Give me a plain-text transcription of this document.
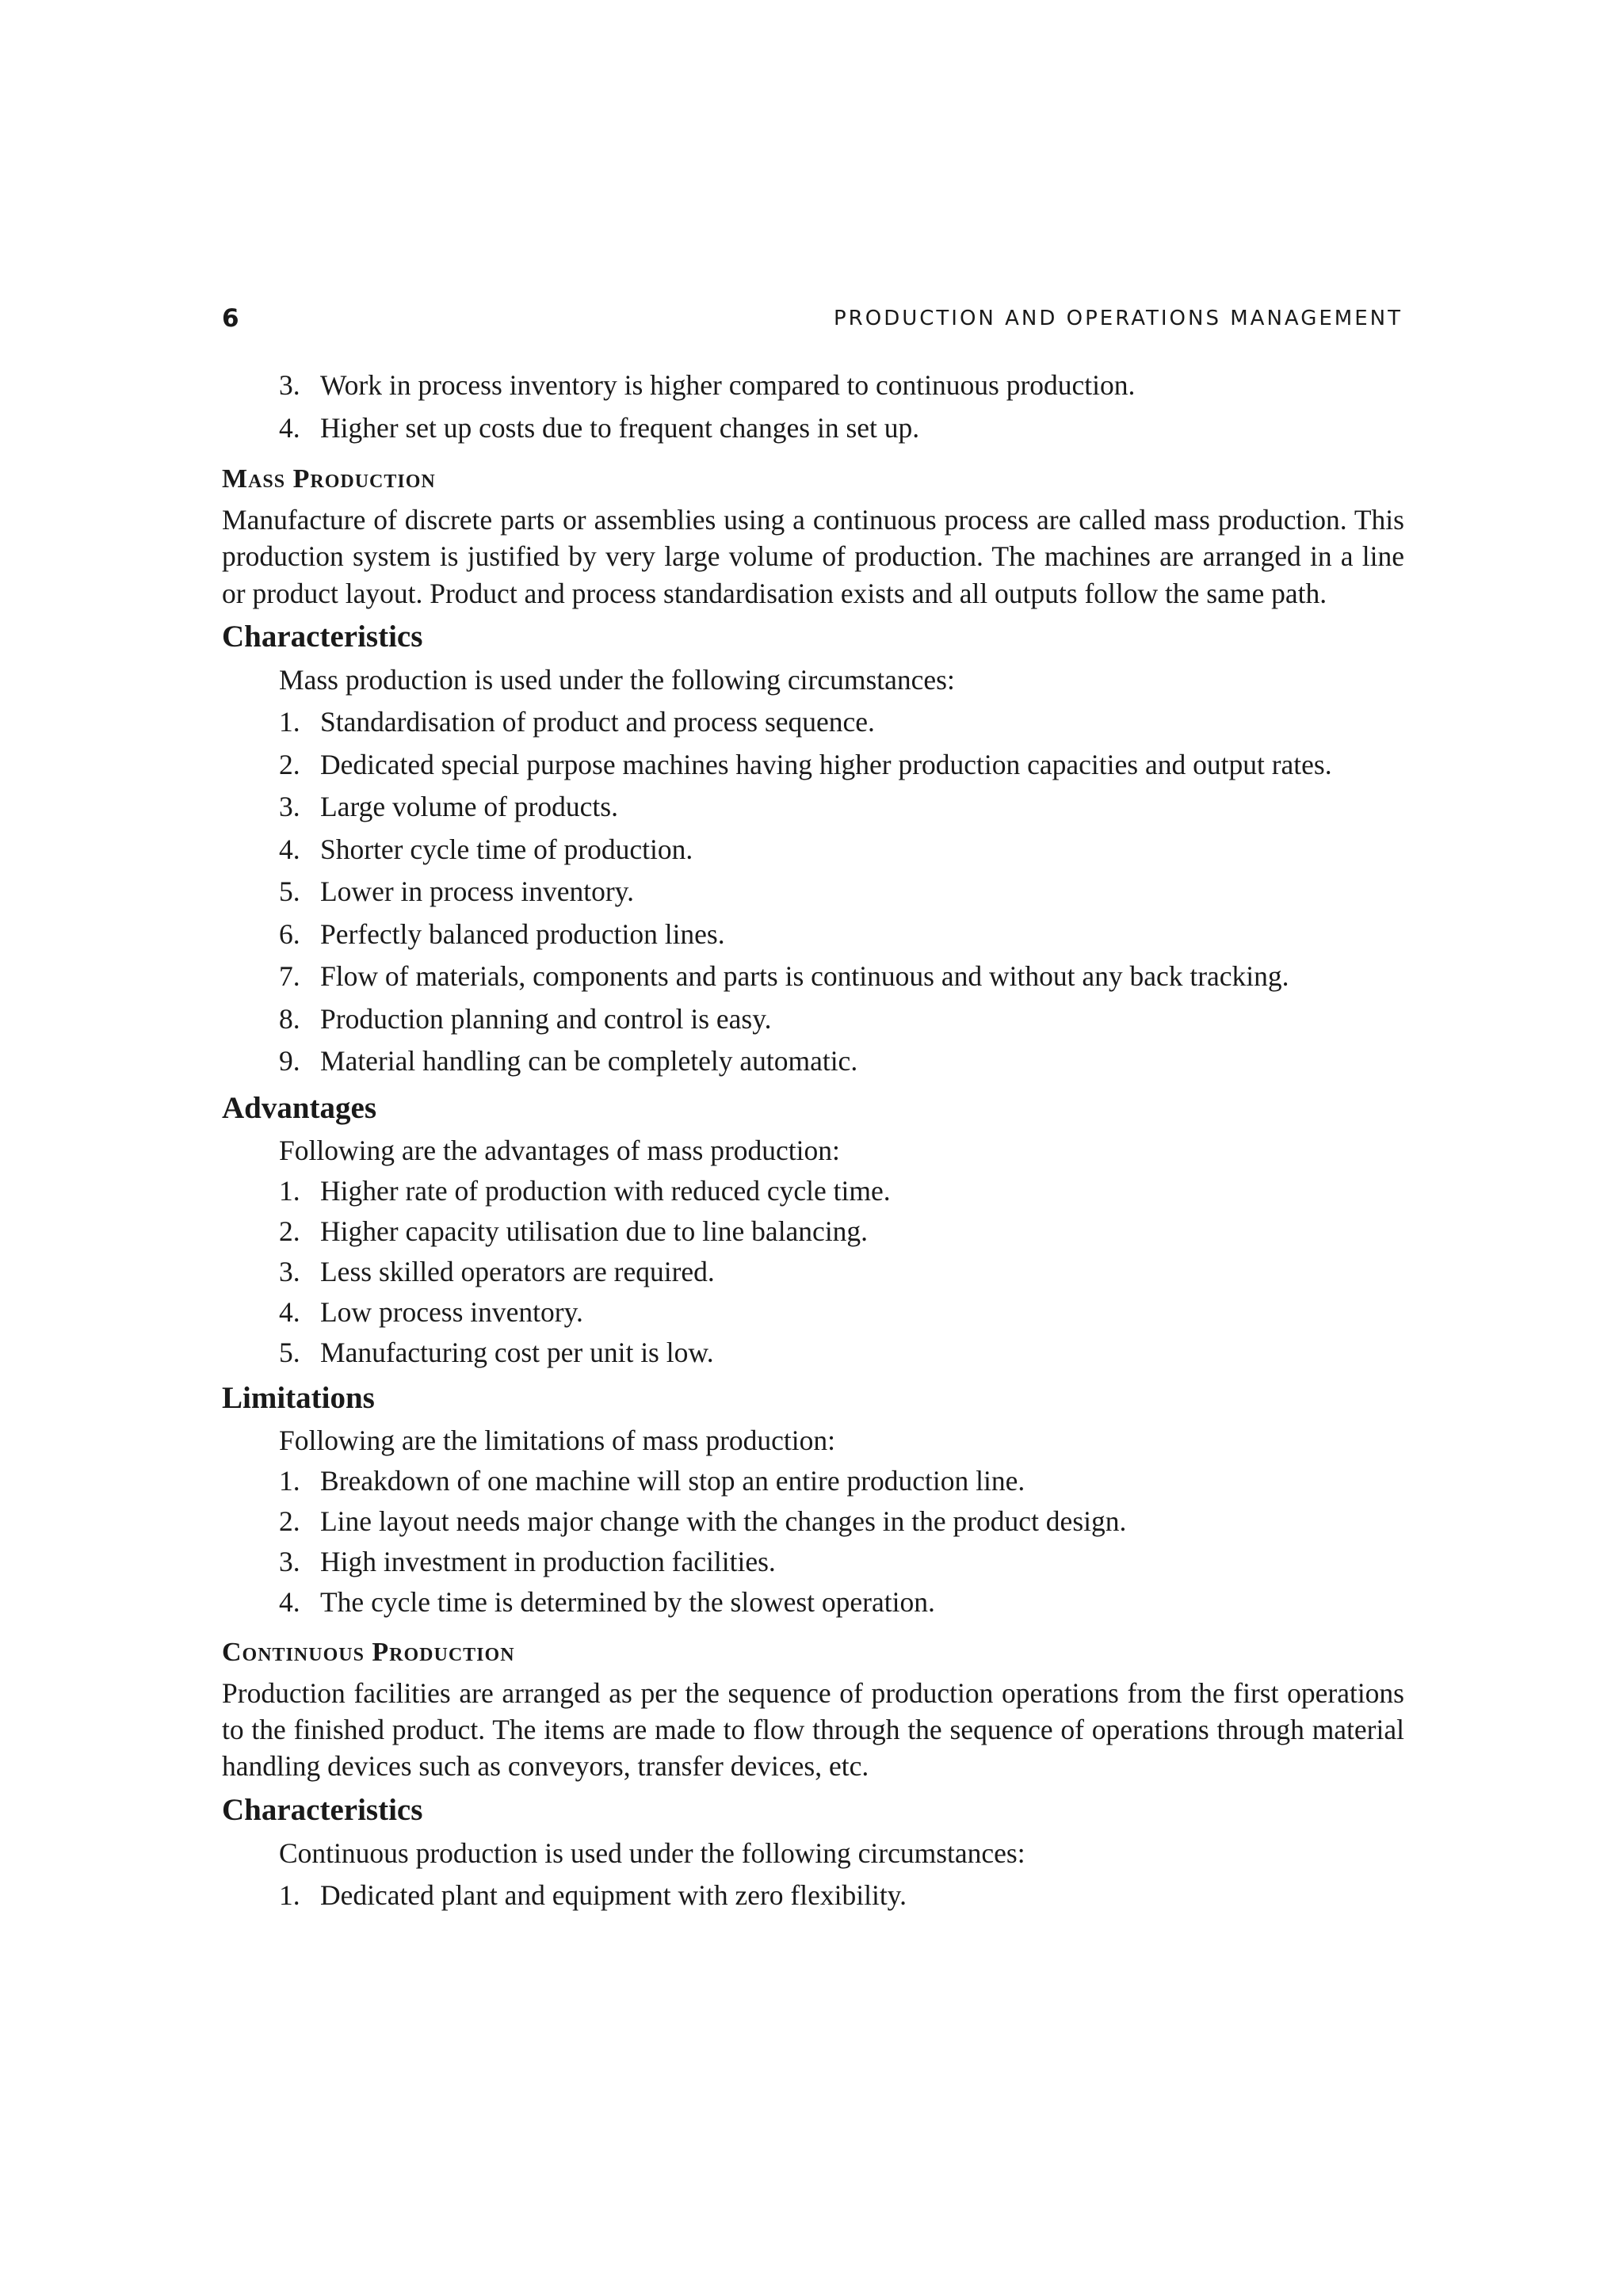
6	PRODUCTION AND OPERATIONS MANAGEMENT
3. Work in process inventory is higher compared to continuous production.
4. Higher set up costs due to frequent changes in set up.
Mass Production

Manufacture of discrete parts or assemblies using a continuous process are called mass production. This production system is justified by very large volume of production. The machines are arranged in a line or product layout. Product and process standardisation exists and all outputs follow the same path.

Characteristics
Mass production is used under the following circumstances:
1. Standardisation of product and process sequence.
2. Dedicated special purpose machines having higher production capacities and output rates.
3. Large volume of products.
4. Shorter cycle time of production.
5. Lower in process inventory.
6. Perfectly balanced production lines.
7. Flow of materials, components and parts is continuous and without any back tracking.
8. Production planning and control is easy.
9. Material handling can be completely automatic.
Advantages
Following are the advantages of mass production:
1. Higher rate of production with reduced cycle time.
2. Higher capacity utilisation due to line balancing.
3. Less skilled operators are required.
4. Low process inventory.
5. Manufacturing cost per unit is low.
Limitations
Following are the limitations of mass production:
1. Breakdown of one machine will stop an entire production line.
2. Line layout needs major change with the changes in the product design.
3. High investment in production facilities.
4. The cycle time is determined by the slowest operation.
Continuous Production

Production facilities are arranged as per the sequence of production operations from the first operations to the finished product. The items are made to flow through the sequence of operations through material handling devices such as conveyors, transfer devices, etc.

Characteristics
Continuous production is used under the following circumstances:
1. Dedicated plant and equipment with zero flexibility.
